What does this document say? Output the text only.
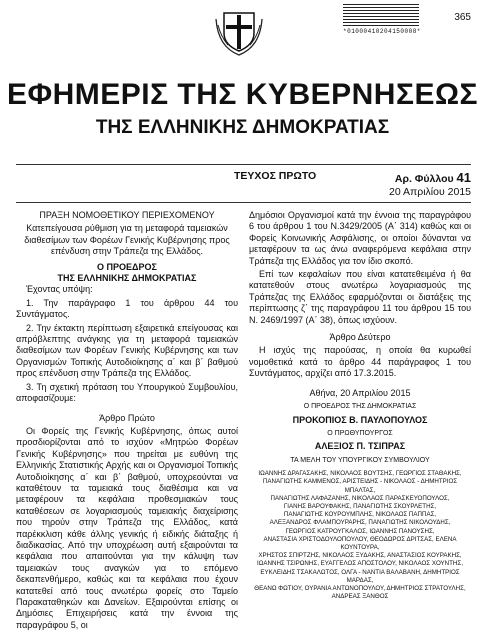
365
*01000410204150008*
ΕΦΗΜΕΡΙΣ ΤΗΣ ΚΥΒΕΡΝΗΣΕΩΣ
ΤΗΣ ΕΛΛΗΝΙΚΗΣ ΔΗΜΟΚΡΑΤΙΑΣ
ΤΕΥΧΟΣ ΠΡΩΤΟ	Αρ. Φύλλου 41
20 Απριλίου 2015

ΠΡΑΞΗ ΝΟΜΟΘΕΤΙΚΟΥ ΠΕΡΙΕΧΟΜΕΝΟΥ

Κατεπείγουσα ρύθμιση για τη μεταφορά ταμειακών διαθεσίμων των Φορέων Γενικής Κυβέρνησης προς επένδυση στην Τράπεζα της Ελλάδος.

Ο ΠΡΟΕΔΡΟΣ
ΤΗΣ ΕΛΛΗΝΙΚΗΣ ΔΗΜΟΚΡΑΤΙΑΣ

Έχοντας υπόψη:

1. Την παράγραφο 1 του άρθρου 44 του Συντάγματος.

2. Την έκτακτη περίπτωση εξαιρετικά επείγουσας και απρόβλεπτης ανάγκης για τη μεταφορά ταμειακών διαθεσίμων των Φορέων Γενικής Κυβέρνησης και των Οργανισμών Τοπικής Αυτοδιοίκησης α΄ και β΄ βαθμού προς επένδυση στην Τράπεζα της Ελλάδος.

3. Τη σχετική πρόταση του Υπουργικού Συμβουλίου, αποφασίζουμε:

Άρθρο Πρώτο

Οι Φορείς της Γενικής Κυβέρνησης, όπως αυτοί προσδιορίζονται από το ισχύον «Μητρώο Φορέων Γενικής Κυβέρνησης» που τηρείται με ευθύνη της Ελληνικής Στατιστικής Αρχής και οι Οργανισμοί Τοπικής Αυτοδιοίκησης α΄ και β΄ βαθμού, υποχρεούνται να καταθέτουν τα ταμειακά τους διαθέσιμα και να μεταφέρουν τα κεφάλαια προθεσμιακών τους καταθέσεων σε λογαριασμούς ταμειακής διαχείρισης που τηρούν στην Τράπεζα της Ελλάδος, κατά παρέκκλιση κάθε άλλης γενικής ή ειδικής διάταξης ή διαδικασίας. Από την υποχρέωση αυτή εξαιρούνται τα κεφάλαια που απαιτούνται για την κάλυψη των ταμειακών τους αναγκών για το επόμενο δεκαπενθήμερο, καθώς και τα κεφάλαια που έχουν κατατεθεί από τους ανωτέρω φορείς στο Ταμείο Παρακαταθηκών και Δανείων. Εξαιρούνται επίσης οι Δημόσιες Επιχειρήσεις κατά την έννοια της παραγράφου 5, οι

Δημόσιοι Οργανισμοί κατά την έννοια της παραγράφου 6 του άρθρου 1 του Ν.3429/2005 (Α΄ 314) καθώς και οι Φορείς Κοινωνικής Ασφάλισης, οι οποίοι δύνανται να μεταφέρουν τα ως άνω αναφερόμενα κεφάλαια στην Τράπεζα της Ελλάδος για τον ίδιο σκοπό.

Επί των κεφαλαίων που είναι κατατεθειμένα ή θα κατατεθούν στους ανωτέρω λογαριασμούς της Τράπεζας της Ελλάδος εφαρμόζονται οι διατάξεις της περίπτωσης ζ΄ της παραγράφου 11 του άρθρου 15 του Ν. 2469/1997 (Α΄ 38), όπως ισχύουν.

Άρθρο Δεύτερο

Η ισχύς της παρούσας, η οποία θα κυρωθεί νομοθετικά κατά το άρθρο 44 παράγραφος 1 του Συντάγματος, αρχίζει από 17.3.2015.

Αθήνα, 20 Απριλίου 2015

Ο ΠΡΟΕΔΡΟΣ ΤΗΣ ΔΗΜΟΚΡΑΤΙΑΣ

ΠΡΟΚΟΠΙΟΣ Β. ΠΑΥΛΟΠΟΥΛΟΣ

Ο ΠΡΩΘΥΠΟΥΡΓΟΣ

ΑΛΕΞΙΟΣ Π. ΤΣΙΠΡΑΣ

ΤΑ ΜΕΛΗ ΤΟΥ ΥΠΟΥΡΓΙΚΟΥ ΣΥΜΒΟΥΛΙΟΥ

ΙΩΑΝΝΗΣ ΔΡΑΓΑΣΑΚΗΣ, ΝΙΚΟΛΑΟΣ ΒΟΥΤΣΗΣ, ΓΕΩΡΓΙΟΣ ΣΤΑΘΑΚΗΣ,
ΠΑΝΑΓΙΩΤΗΣ ΚΑΜΜΕΝΟΣ, ΑΡΙΣΤΕΙΔΗΣ - ΝΙΚΟΛΑΟΣ - ΔΗΜΗΤΡΙΟΣ ΜΠΑΛΤΑΣ,
ΠΑΝΑΓΙΩΤΗΣ ΛΑΦΑΖΑΝΗΣ, ΝΙΚΟΛΑΟΣ ΠΑΡΑΣΚΕΥΟΠΟΥΛΟΣ,
ΓΙΑΝΗΣ ΒΑΡΟΥΦΑΚΗΣ, ΠΑΝΑΓΙΩΤΗΣ ΣΚΟΥΡΛΕΤΗΣ,
ΠΑΝΑΓΙΩΤΗΣ ΚΟΥΡΟΥΜΠΛΗΣ, ΝΙΚΟΛΑΟΣ ΠΑΠΠΑΣ,
ΑΛΕΞΑΝΔΡΟΣ ΦΛΑΜΠΟΥΡΑΡΗΣ, ΠΑΝΑΓΙΩΤΗΣ ΝΙΚΟΛΟΥΔΗΣ,
ΓΕΩΡΓΙΟΣ ΚΑΤΡΟΥΓΚΑΛΟΣ, ΙΩΑΝΝΗΣ ΠΑΝΟΥΣΗΣ,
ΑΝΑΣΤΑΣΙΑ ΧΡΙΣΤΟΔΟΥΛΟΠΟΥΛΟΥ, ΘΕΟΔΩΡΟΣ ΔΡΙΤΣΑΣ, ΕΛΕΝΑ ΚΟΥΝΤΟΥΡΑ,
ΧΡΗΣΤΟΣ ΣΠΙΡΤΖΗΣ, ΝΙΚΟΛΑΟΣ ΞΥΔΑΚΗΣ, ΑΝΑΣΤΑΣΙΟΣ ΚΟΥΡΑΚΗΣ,
ΙΩΑΝΝΗΣ ΤΣΙΡΩΝΗΣ, ΕΥΑΓΓΕΛΟΣ ΑΠΟΣΤΟΛΟΥ, ΝΙΚΟΛΑΟΣ ΧΟΥΝΤΗΣ,
ΕΥΚΛΕΙΔΗΣ ΤΣΑΚΑΛΩΤΟΣ, ΟΛΓΑ - ΝΑΝΤΙΑ ΒΑΛΑΒΑΝΗ, ΔΗΜΗΤΡΙΟΣ ΜΑΡΔΑΣ,
ΘΕΑΝΩ ΦΩΤΙΟΥ, ΟΥΡΑΝΙΑ ΑΝΤΩΝΟΠΟΥΛΟΥ, ΔΗΜΗΤΡΙΟΣ ΣΤΡΑΤΟΥΛΗΣ,
ΑΝΔΡΕΑΣ ΞΑΝΘΟΣ
